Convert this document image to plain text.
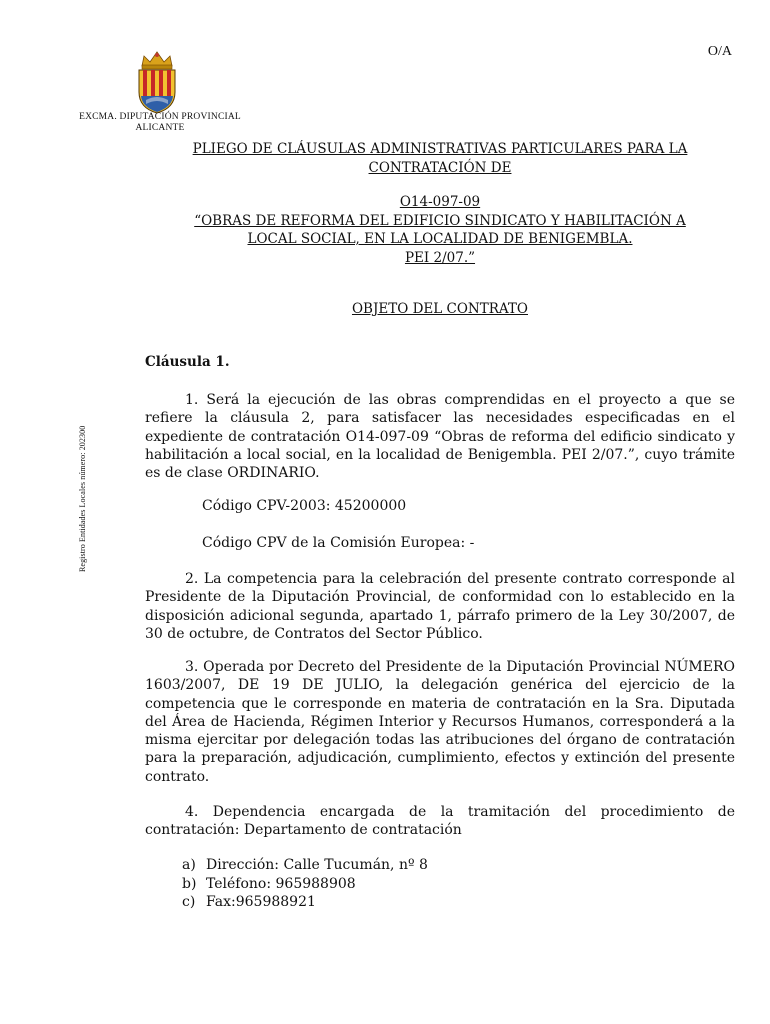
O/A
EXCMA. DIPUTACIÓN PROVINCIAL
ALICANTE
Registro Entidades Locales número: 202300
PLIEGO DE CLÁUSULAS ADMINISTRATIVAS PARTICULARES PARA LA
CONTRATACIÓN DE
O14-097-09
“OBRAS DE REFORMA DEL EDIFICIO SINDICATO Y HABILITACIÓN A
LOCAL SOCIAL, EN LA LOCALIDAD DE BENIGEMBLA.
PEI 2/07.”
OBJETO DEL CONTRATO
Cláusula 1.

1. Será la ejecución de las obras comprendidas en el proyecto a que se refiere la cláusula 2, para satisfacer las necesidades especificadas en el expediente de contratación O14-097-09 “Obras de reforma del edificio sindicato y habilitación a local social, en la localidad de Benigembla. PEI 2/07.”, cuyo trámite es de clase ORDINARIO.

Código CPV-2003: 45200000
Código CPV de la Comisión Europea: -

2. La competencia para la celebración del presente contrato corresponde al Presidente de la Diputación Provincial, de conformidad con lo establecido en la disposición adicional segunda, apartado 1, párrafo primero de la Ley 30/2007, de 30 de octubre, de Contratos del Sector Público.

3. Operada por Decreto del Presidente de la Diputación Provincial NÚMERO 1603/2007, DE 19 DE JULIO, la delegación genérica del ejercicio de la competencia que le corresponde en materia de contratación en la Sra. Diputada del Área de Hacienda, Régimen Interior y Recursos Humanos, corresponderá a la misma ejercitar por delegación todas las atribuciones del órgano de contratación para la preparación, adjudicación, cumplimiento, efectos y extinción del presente contrato.

4. Dependencia encargada de la tramitación del procedimiento de contratación: Departamento de contratación

a) Dirección: Calle Tucumán, nº 8
b) Teléfono: 965988908
c) Fax:965988921
